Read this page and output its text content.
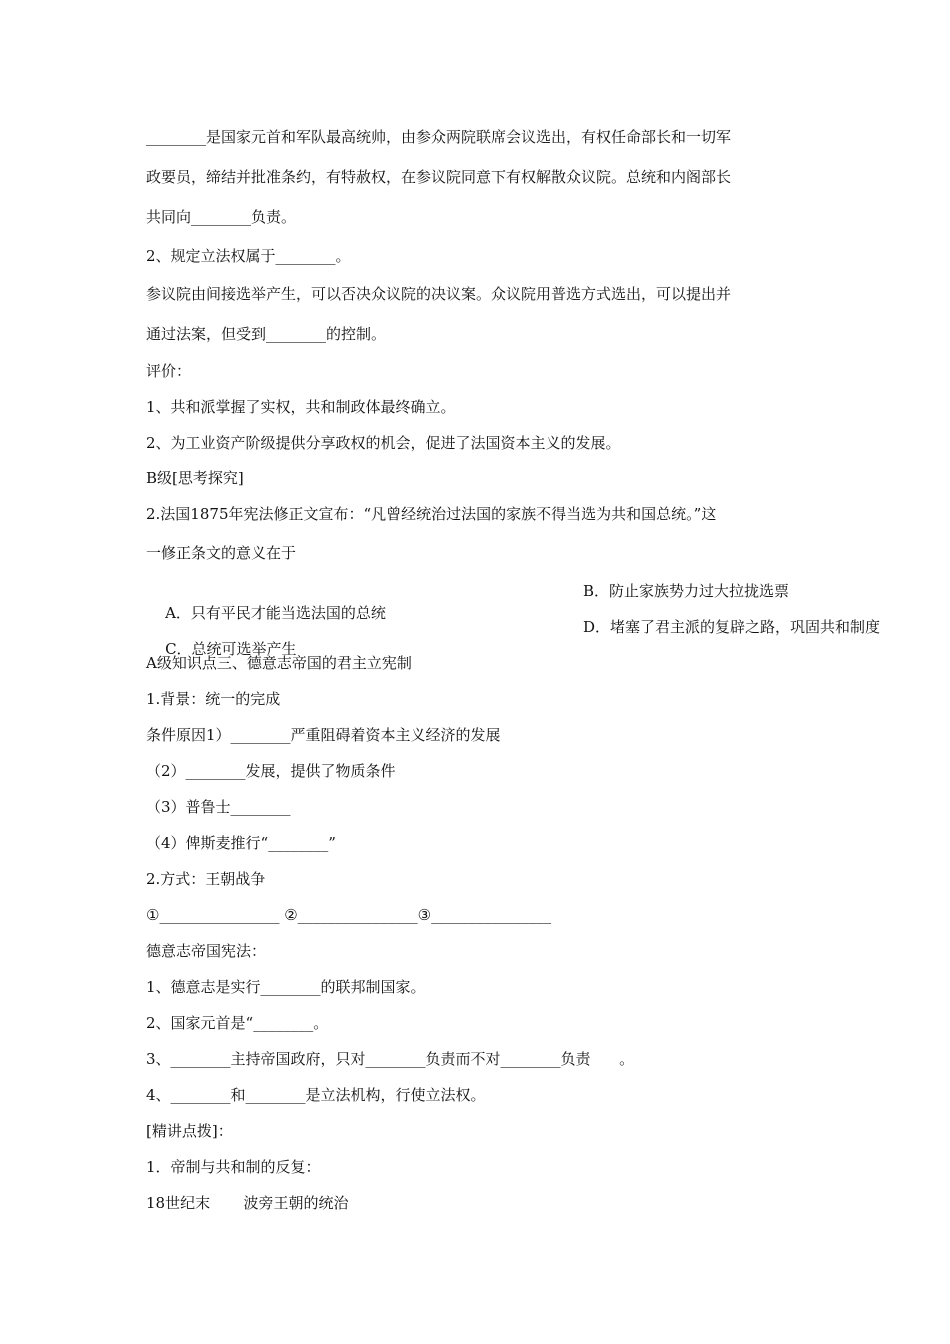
________是国家元首和军队最高统帅，由参众两院联席会议选出，有权任命部长和一切军
政要员，缔结并批准条约，有特赦权，在参议院同意下有权解散众议院。总统和内阁部长
共同向________负责。
2、规定立法权属于________。
参议院由间接选举产生，可以否决众议院的决议案。众议院用普选方式选出，可以提出并
通过法案，但受到________的控制。
评价：
1、共和派掌握了实权，共和制政体最终确立。
2、为工业资产阶级提供分享政权的机会，促进了法国资本主义的发展。
B级[思考探究]
2.法国1875年宪法修正文宣布：“凡曾经统治过法国的家族不得当选为共和国总统。”这
一修正条文的意义在于

A．只有平民才能当选法国的总统

B．防止家族势力过大拉拢选票

C．总统可选举产生

D．堵塞了君主派的复辟之路，巩固共和制度

A级知识点三、德意志帝国的君主立宪制
1.背景：统一的完成
条件原因1）________严重阻碍着资本主义经济的发展
（2）________发展，提供了物质条件
（3）普鲁士________
（4）俾斯麦推行“________”
2.方式：王朝战争
①________________ ②________________③________________
德意志帝国宪法：
1、德意志是实行________的联邦制国家。
2、国家元首是“________。
3、________主持帝国政府，只对________负责而不对________负责      。
4、________和________是立法机构，行使立法权。
[精讲点拨]：
1．帝制与共和制的反复：
18世纪末       波旁王朝的统治
